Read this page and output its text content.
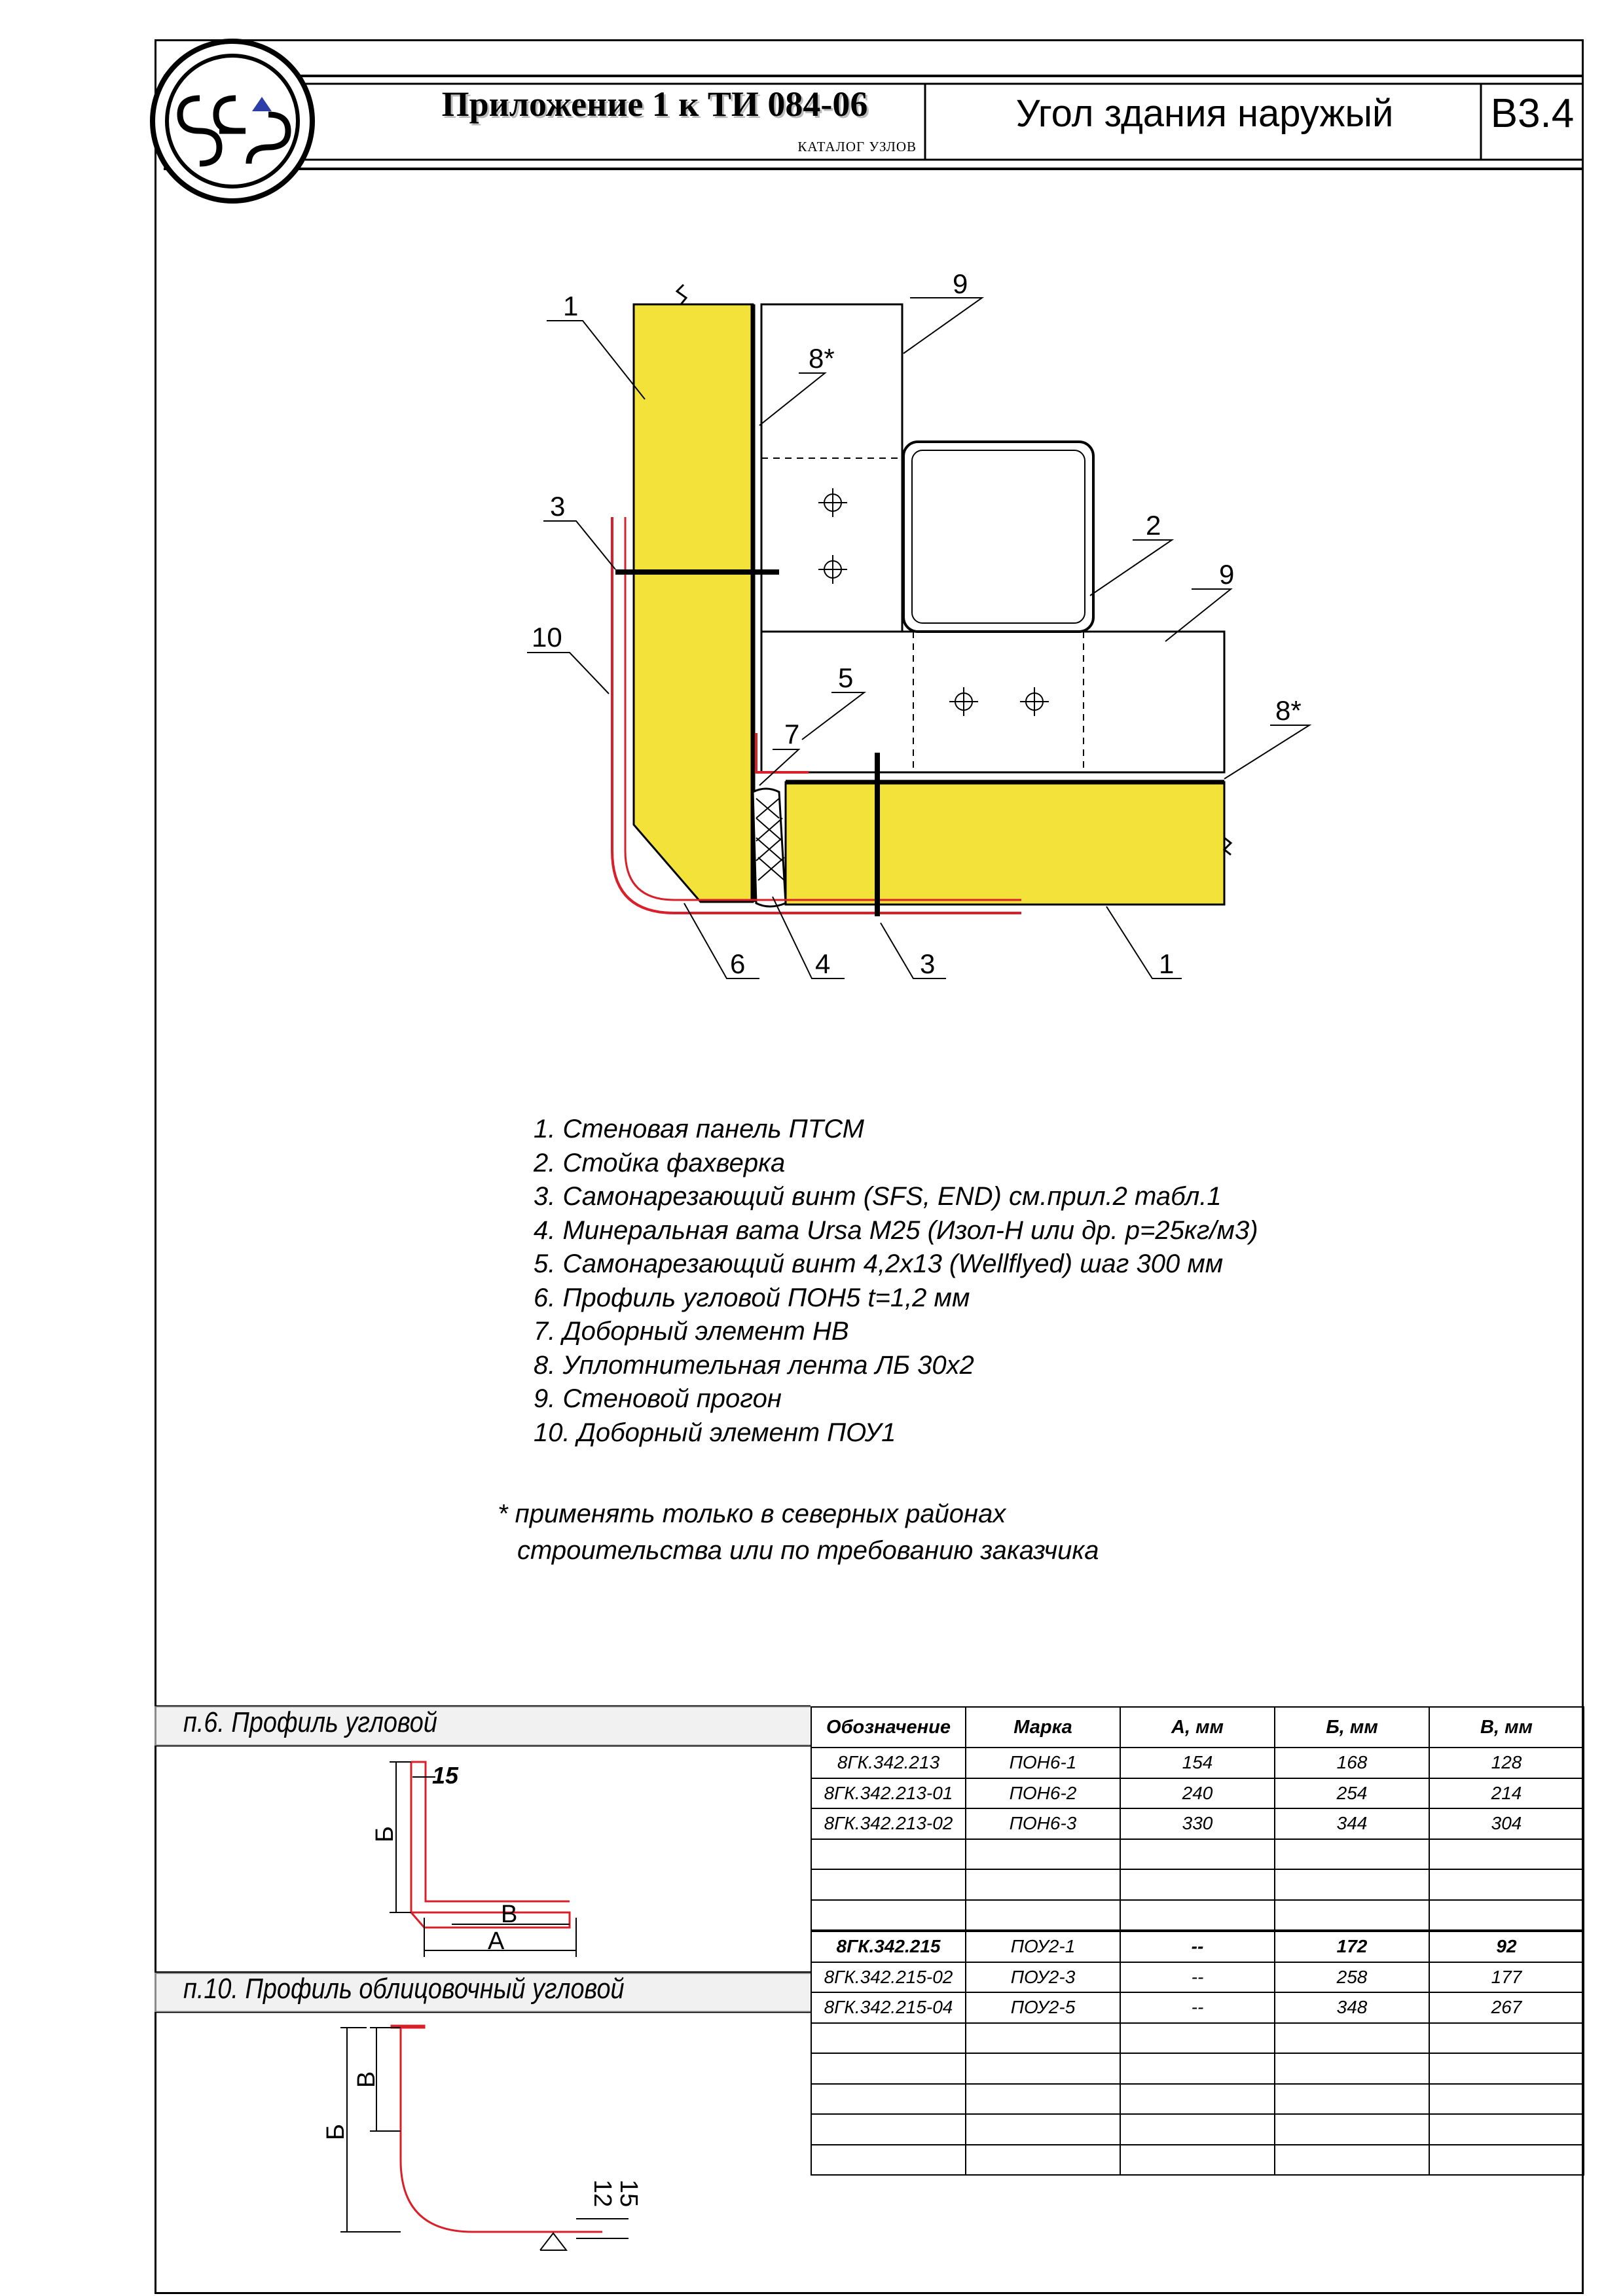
Приложение 1 к ТИ 084-06
КАТАЛОГ УЗЛОВ
Угол здания наружый	В3.4
1
9
8*
3
2
9
10
5
7
8*
6	4	3	1
1. Стеновая панель ПТСМ
2. Стойка фахверка
3. Самонарезающий винт (SFS, END) см.прил.2 табл.1
4. Минеральная вата Ursa M25 (Изол-Н или др. р=25кг/м3)
5. Самонарезающий винт 4,2х13 (Wellflyed) шаг 300 мм
6. Профиль угловой ПОН5 t=1,2 мм
7. Доборный элемент НВ
8. Уплотнительная лента ЛБ 30х2
9. Стеновой прогон
10. Доборный элемент ПОУ1
* применять только в северных районах
строительства или по требованию заказчика
15
Б
В
А
В
Б
15
12
п.6. Профиль угловой
п.10. Профиль облицовочный угловой
Обозначение	Марка	А, мм	Б, мм	В, мм
8ГК.342.213	ПОН6-1	154	168	128
8ГК.342.213-01	ПОН6-2	240	254	214
8ГК.342.213-02	ПОН6-3	330	344	304

8ГК.342.215	ПОУ2-1	--	172	92
8ГК.342.215-02	ПОУ2-3	--	258	177
8ГК.342.215-04	ПОУ2-5	--	348	267
